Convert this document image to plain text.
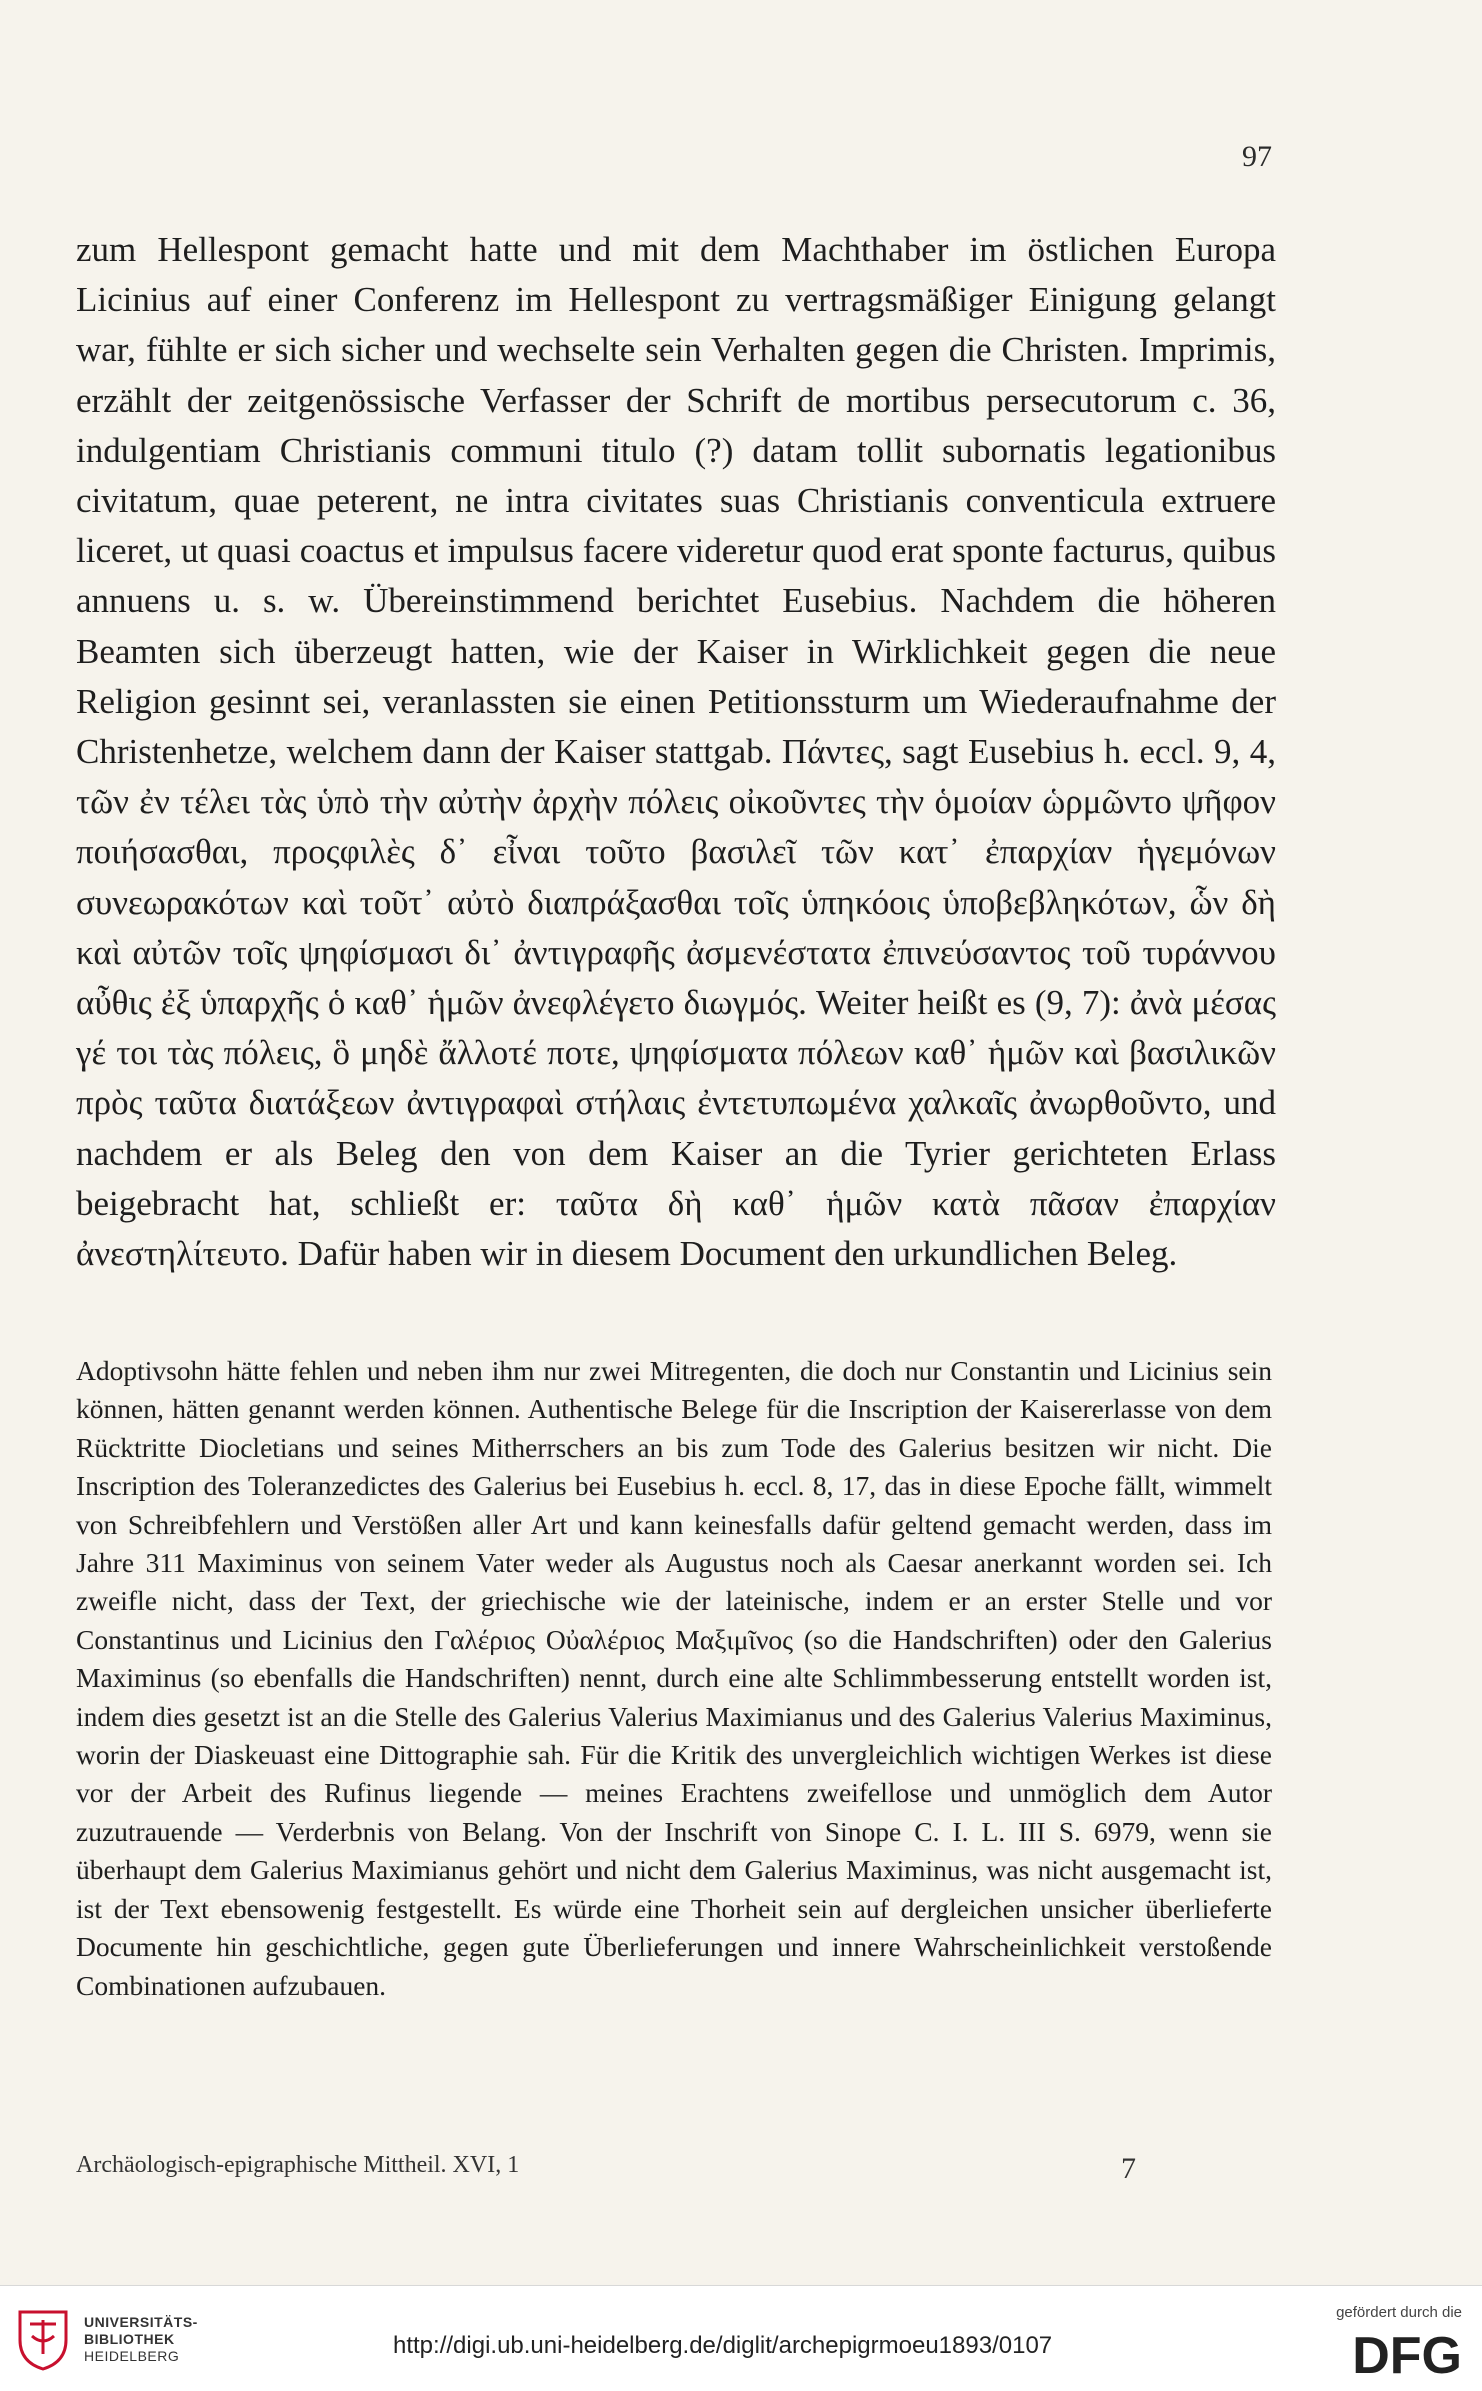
97

zum Hellespont gemacht hatte und mit dem Machthaber im östlichen Europa Licinius auf einer Conferenz im Hellespont zu vertragsmäßiger Einigung gelangt war, fühlte er sich sicher und wechselte sein Verhalten gegen die Christen. Imprimis, erzählt der zeitgenössische Verfasser der Schrift de mortibus persecutorum c. 36, indulgentiam Christianis communi titulo (?) datam tollit subornatis legationibus civitatum, quae peterent, ne intra civitates suas Christianis conventicula extruere liceret, ut quasi coactus et impulsus facere videretur quod erat sponte facturus, quibus annuens u. s. w. Übereinstimmend berichtet Eusebius. Nachdem die höheren Beamten sich überzeugt hatten, wie der Kaiser in Wirklichkeit gegen die neue Religion gesinnt sei, veranlassten sie einen Petitionssturm um Wiederaufnahme der Christenhetze, welchem dann der Kaiser stattgab. Πάντες, sagt Eusebius h. eccl. 9, 4, τῶν ἐν τέλει τὰς ὑπὸ τὴν αὐτὴν ἀρχὴν πόλεις οἰκοῦντες τὴν ὁμοίαν ὡρμῶντο ψῆφον ποιήσασθαι, προςφιλὲς δ᾽ εἶναι τοῦτο βασιλεῖ τῶν κατ᾽ ἐπαρχίαν ἡγεμόνων συνεωρακότων καὶ τοῦτ᾽ αὐτὸ διαπράξασθαι τοῖς ὑπηκόοις ὑποβεβληκότων, ὧν δὴ καὶ αὐτῶν τοῖς ψηφίσμασι δι᾽ ἀντιγραφῆς ἀσμενέστατα ἐπινεύσαντος τοῦ τυράννου αὖθις ἐξ ὑπαρχῆς ὁ καθ᾽ ἡμῶν ἀνεφλέγετο διωγμός. Weiter heißt es (9, 7): ἀνὰ μέσας γέ τοι τὰς πόλεις, ὃ μηδὲ ἄλλοτέ ποτε, ψηφίσματα πόλεων καθ᾽ ἡμῶν καὶ βασιλικῶν πρὸς ταῦτα διατάξεων ἀντιγραφαὶ στήλαις ἐντετυπωμένα χαλκαῖς ἀνωρθοῦντο, und nachdem er als Beleg den von dem Kaiser an die Tyrier gerichteten Erlass beigebracht hat, schließt er: ταῦτα δὴ καθ᾽ ἡμῶν κατὰ πᾶσαν ἐπαρχίαν ἀνεστηλίτευτο. Dafür haben wir in diesem Document den urkundlichen Beleg.

Adoptivsohn hätte fehlen und neben ihm nur zwei Mitregenten, die doch nur Constantin und Licinius sein können, hätten genannt werden können. Authentische Belege für die Inscription der Kaisererlasse von dem Rücktritte Diocletians und seines Mitherrschers an bis zum Tode des Galerius besitzen wir nicht. Die Inscription des Toleranzedictes des Galerius bei Eusebius h. eccl. 8, 17, das in diese Epoche fällt, wimmelt von Schreibfehlern und Verstößen aller Art und kann keinesfalls dafür geltend gemacht werden, dass im Jahre 311 Maximinus von seinem Vater weder als Augustus noch als Caesar anerkannt worden sei. Ich zweifle nicht, dass der Text, der griechische wie der lateinische, indem er an erster Stelle und vor Constantinus und Licinius den Γαλέριος Οὐαλέριος Μαξιμῖνος (so die Handschriften) oder den Galerius Maximinus (so ebenfalls die Handschriften) nennt, durch eine alte Schlimmbesserung entstellt worden ist, indem dies gesetzt ist an die Stelle des Galerius Valerius Maximianus und des Galerius Valerius Maximinus, worin der Diaskeuast eine Dittographie sah. Für die Kritik des unvergleichlich wichtigen Werkes ist diese vor der Arbeit des Rufinus liegende — meines Erachtens zweifellose und unmöglich dem Autor zuzutrauende — Verderbnis von Belang. Von der Inschrift von Sinope C. I. L. III S. 6979, wenn sie überhaupt dem Galerius Maximianus gehört und nicht dem Galerius Maximinus, was nicht ausgemacht ist, ist der Text ebensowenig festgestellt. Es würde eine Thorheit sein auf dergleichen unsicher überlieferte Documente hin geschichtliche, gegen gute Überlieferungen und innere Wahrscheinlichkeit verstoßende Combinationen aufzubauen.

Archäologisch-epigraphische Mittheil. XVI, 1	7
UNIVERSITÄTS-
BIBLIOTHEK
HEIDELBERG	http://digi.ub.uni-heidelberg.de/diglit/archepigrmoeu1893/0107
gefördert durch die
DFG
